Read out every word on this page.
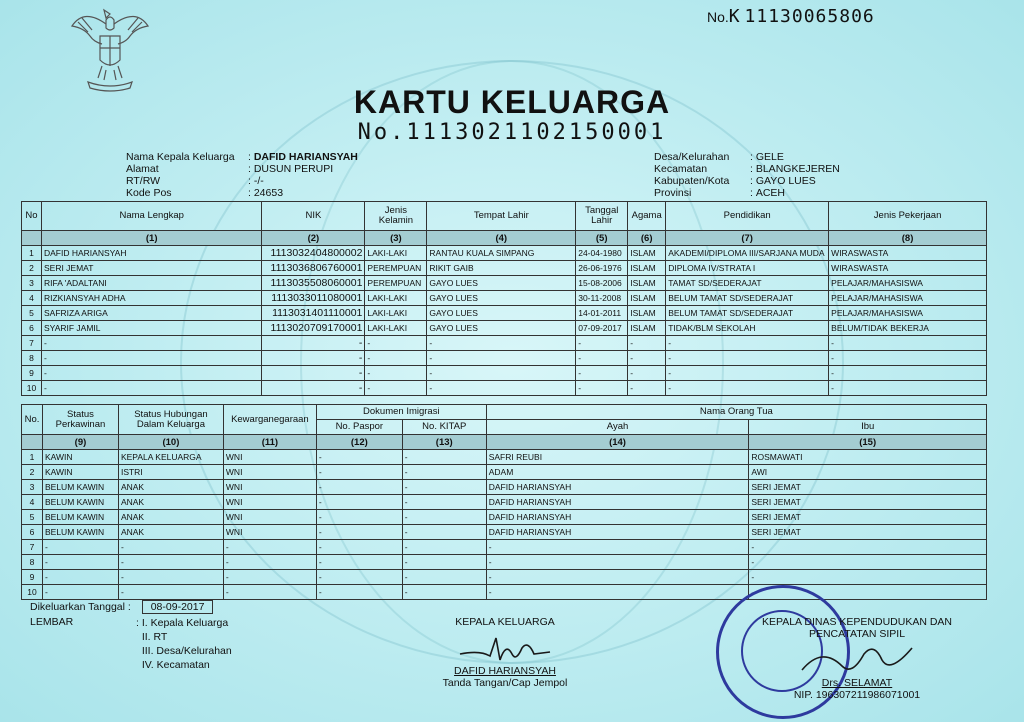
No.K 11130065806
KARTU KELUARGA
No.1113021102150001
Nama Kepala Keluarga	: DAFID HARIANSYAH
Alamat	: DUSUN PERUPI
RT/RW	: -/-
Kode Pos	: 24653
Desa/Kelurahan	: GELE
Kecamatan	: BLANGKEJEREN
Kabupaten/Kota	: GAYO LUES
Provinsi	: ACEH
No	Nama Lengkap	NIK	Jenis Kelamin	Tempat Lahir	Tanggal Lahir	Agama	Pendidikan	Jenis Pekerjaan
	(1)	(2)	(3)	(4)	(5)	(6)	(7)	(8)
1	DAFID HARIANSYAH	1113032404800002	LAKI-LAKI	RANTAU KUALA SIMPANG	24-04-1980	ISLAM	AKADEMI/DIPLOMA III/SARJANA MUDA	WIRASWASTA
2	SERI JEMAT	1113036806760001	PEREMPUAN	RIKIT GAIB	26-06-1976	ISLAM	DIPLOMA IV/STRATA I	WIRASWASTA
3	RIFA 'ADALTANI	1113035508060001	PEREMPUAN	GAYO LUES	15-08-2006	ISLAM	TAMAT SD/SEDERAJAT	PELAJAR/MAHASISWA
4	RIZKIANSYAH ADHA	1113033011080001	LAKI-LAKI	GAYO LUES	30-11-2008	ISLAM	BELUM TAMAT SD/SEDERAJAT	PELAJAR/MAHASISWA
5	SAFRIZA ARIGA	1113031401110001	LAKI-LAKI	GAYO LUES	14-01-2011	ISLAM	BELUM TAMAT SD/SEDERAJAT	PELAJAR/MAHASISWA
6	SYARIF JAMIL	1113020709170001	LAKI-LAKI	GAYO LUES	07-09-2017	ISLAM	TIDAK/BLM SEKOLAH	BELUM/TIDAK BEKERJA
7	-	-	-	-	-	-	-	-
8	-	-	-	-	-	-	-	-
9	-	-	-	-	-	-	-	-
10	-	-	-	-	-	-	-	-
No.	Status Perkawinan	Status Hubungan Dalam Keluarga	Kewarganegaraan	Dokumen Imigrasi		Nama Orang Tua	
				No. Paspor	No. KITAP	Ayah	Ibu
	(9)	(10)	(11)	(12)	(13)	(14)	(15)
1	KAWIN	KEPALA KELUARGA	WNI	-	-	SAFRI REUBI	ROSMAWATI
2	KAWIN	ISTRI	WNI	-	-	ADAM	AWI
3	BELUM KAWIN	ANAK	WNI	-	-	DAFID HARIANSYAH	SERI JEMAT
4	BELUM KAWIN	ANAK	WNI	-	-	DAFID HARIANSYAH	SERI JEMAT
5	BELUM KAWIN	ANAK	WNI	-	-	DAFID HARIANSYAH	SERI JEMAT
6	BELUM KAWIN	ANAK	WNI	-	-	DAFID HARIANSYAH	SERI JEMAT
7	-	-	-	-	-	-	-
8	-	-	-	-	-	-	-
9	-	-	-	-	-	-	-
10	-	-	-	-	-	-	-
Dikeluarkan Tanggal : 08-09-2017
LEMBAR	: I. Kepala Keluarga
II. RT
III. Desa/Kelurahan
IV. Kecamatan
KEPALA KELUARGA
DAFID HARIANSYAH
Tanda Tangan/Cap Jempol
KEPALA DINAS KEPENDUDUKAN DAN PENCATATAN SIPIL
Drs. SELAMAT
NIP. 196307211986071001
